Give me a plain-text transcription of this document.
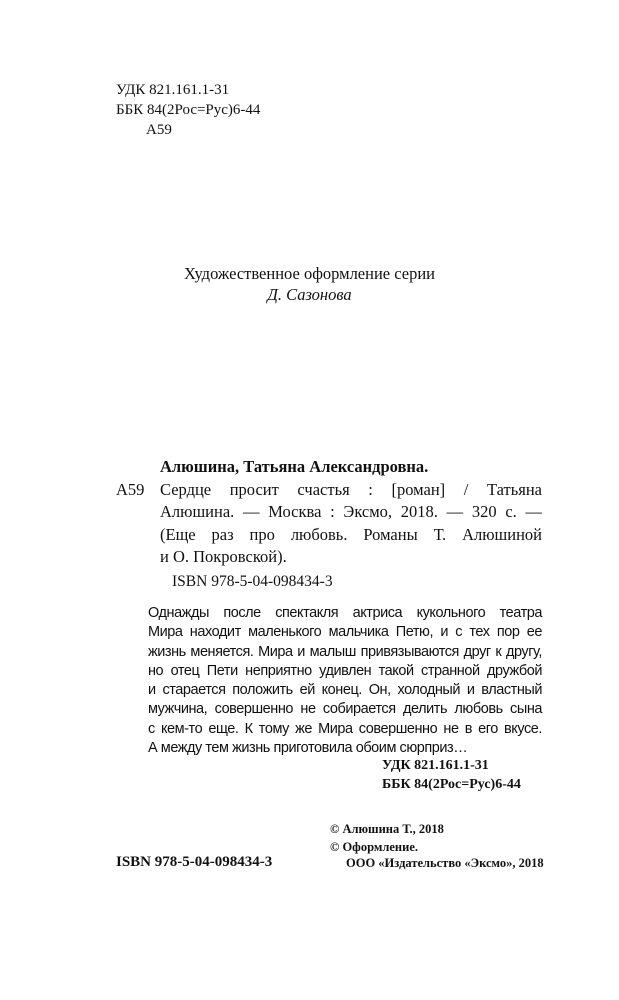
УДК 821.161.1-31
ББК 84(2Рос=Рус)6-44
А59
Художественное оформление серии
Д. Сазонова
Алюшина, Татьяна Александровна.
А59 Сердце просит счастья : [роман] / Татьяна
Алюшина. — Москва : Эксмо, 2018. — 320 с. —
(Еще раз про любовь. Романы Т. Алюшиной
и О. Покровской).
ISBN 978-5-04-098434-3
Однажды после спектакля актриса кукольного театра
Мира находит маленького мальчика Петю, и с тех пор ее
жизнь меняется. Мира и малыш привязываются друг к другу,
но отец Пети неприятно удивлен такой странной дружбой
и старается положить ей конец. Он, холодный и властный
мужчина, совершенно не собирается делить любовь сына
с кем-то еще. К тому же Мира совершенно не в его вкусе.
А между тем жизнь приготовила обоим сюрприз…
УДК 821.161.1-31
ББК 84(2Рос=Рус)6-44
© Алюшина Т., 2018
© Оформление.
ООО «Издательство «Эксмо», 2018
ISBN 978-5-04-098434-3
